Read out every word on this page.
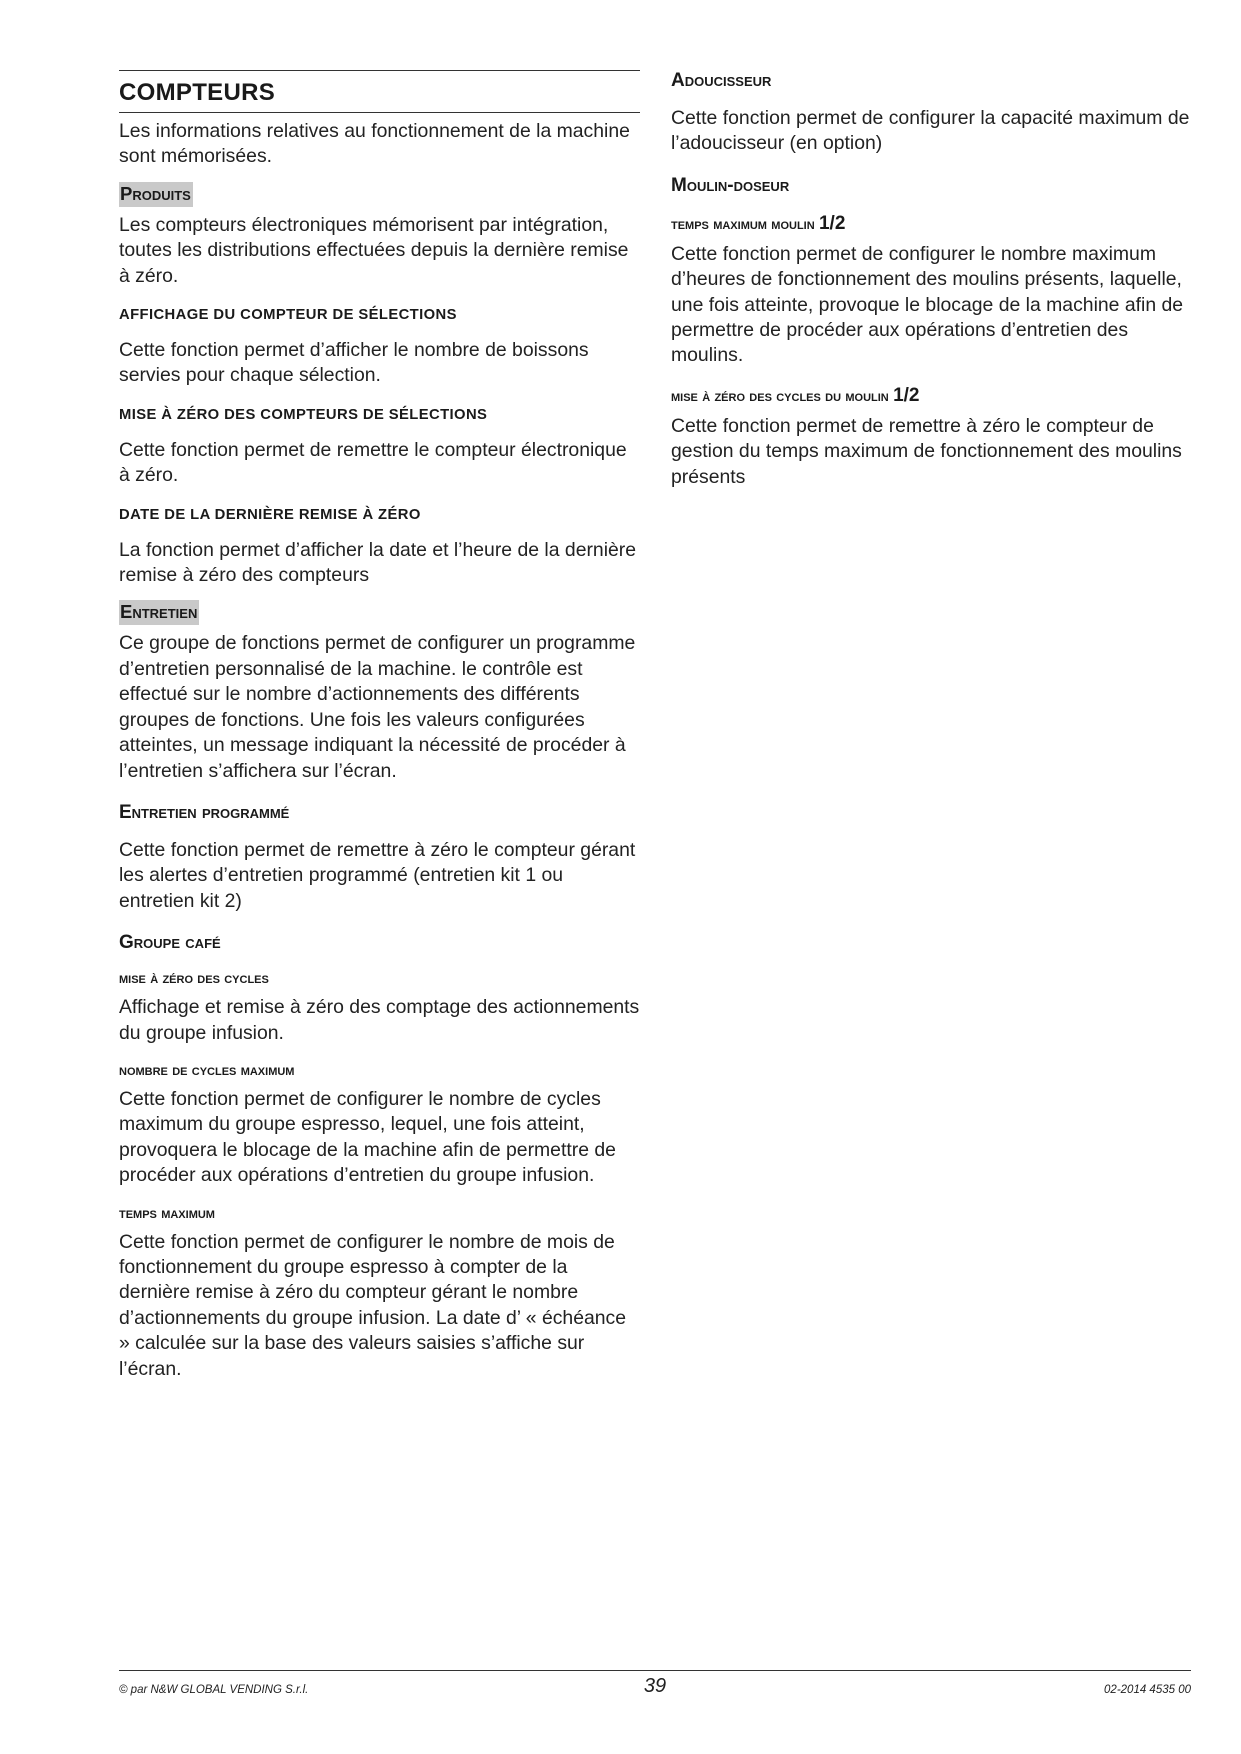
COMPTEURS

Les informations relatives au fonctionnement de la machine sont mémorisées.

Produits

Les compteurs électroniques mémorisent par intégration, toutes les distributions effectuées depuis la dernière remise à zéro.

AFFICHAGE DU COMPTEUR DE SÉLECTIONS

Cette fonction permet d’afficher le nombre de boissons servies pour chaque sélection.

MISE À ZÉRO DES COMPTEURS DE SÉLECTIONS

Cette fonction permet de remettre le compteur électronique à zéro.

DATE DE LA DERNIÈRE REMISE À ZÉRO

La fonction permet d’afficher la date et l’heure de la dernière remise à zéro des compteurs

Entretien

Ce groupe de fonctions permet de configurer un programme d’entretien personnalisé de la machine. le contrôle est effectué sur le nombre d’actionnements des différents groupes de fonctions. Une fois les valeurs configurées atteintes, un message indiquant la nécessité de procéder à l’entretien s’affichera sur l’écran.

Entretien programmé

Cette fonction permet de remettre à zéro le compteur gérant les alertes d’entretien programmé (entretien kit 1 ou entretien kit 2)

Groupe café
mise à zéro des cycles

Affichage et remise à zéro des comptage des actionnements du groupe infusion.

nombre de cycles maximum

Cette fonction permet de configurer le nombre de cycles maximum du groupe espresso, lequel, une fois atteint, provoquera le blocage de la machine afin de permettre de procéder aux opérations d’entretien du groupe infusion.

temps maximum

Cette fonction permet de configurer le nombre de mois de fonctionnement du groupe espresso à compter de la dernière remise à zéro du compteur gérant le nombre d’actionnements du groupe infusion. La date d’ « échéance » calculée sur la base des valeurs saisies s’affiche sur l’écran.

Adoucisseur

Cette fonction permet de configurer la capacité maximum de l’adoucisseur (en option)

Moulin-doseur
temps maximum moulin 1/2

Cette fonction permet de configurer le nombre maximum d’heures de fonctionnement des moulins présents, laquelle, une fois atteinte, provoque le blocage de la machine afin de permettre de procéder aux opérations d’entretien des moulins.

mise à zéro des cycles du moulin 1/2

Cette fonction permet de remettre à zéro le compteur de gestion du temps maximum de fonctionnement des moulins présents

© par N&W GLOBAL VENDING S.r.l.	39	02-2014 4535 00
